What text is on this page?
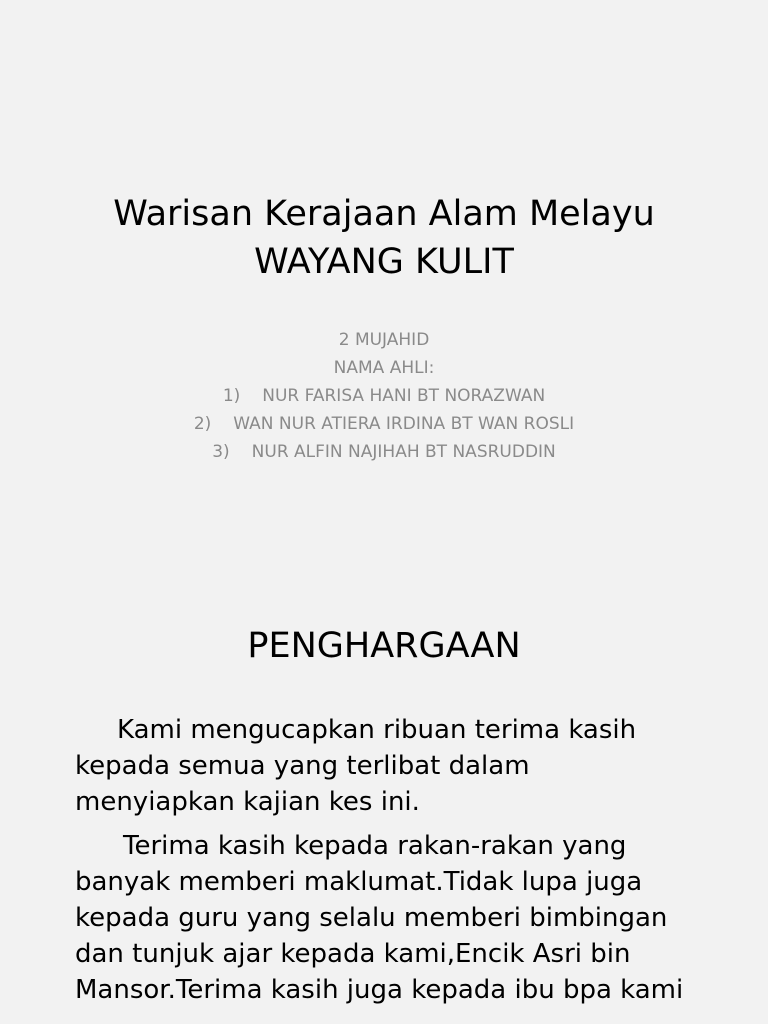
Warisan Kerajaan Alam Melayu
WAYANG KULIT
2 MUJAHID
NAMA AHLI:
1) NUR FARISA HANI BT NORAZWAN
2) WAN NUR ATIERA IRDINA BT WAN ROSLI
3) NUR ALFIN NAJIHAH BT NASRUDDIN
PENGHARGAAN

Kami mengucapkan ribuan terima kasih
kepada semua yang terlibat dalam
menyiapkan kajian kes ini.

Terima kasih kepada rakan-rakan yang
banyak memberi maklumat.Tidak lupa juga
kepada guru yang selalu memberi bimbingan
dan tunjuk ajar kepada kami,Encik Asri bin
Mansor.Terima kasih juga kepada ibu bpa kami
